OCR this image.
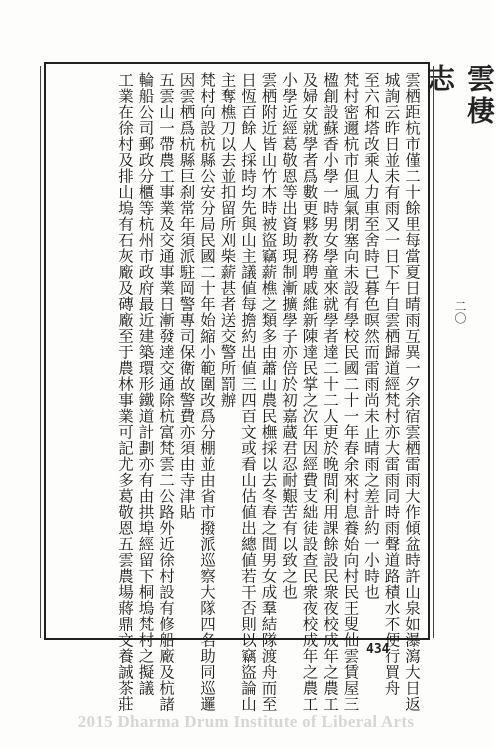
雲棲志
二〇
雲栖距杭市僅二十餘里每當夏日晴雨互異一夕余宿雲栖雷雨大作傾盆時許山泉如瀑瀉大日返
城詢云昨日並未有雨又一日下午自雲栖歸道經梵村亦大雷雨同時雨聲道路積水不便行買舟
至六和塔改乘人力車至舍時已暮色暝然而雷雨尚未止晴雨之差計約一小時也
梵村密邇杭市但風氣閉塞向未設有學校民國二十一年春余來村息養始向村民王叟仙雲賃屋三
楹創設蘇香小學一時男女學童來就學者達二十二人更於晚間利用課餘設民衆夜校成年之農工
及婦女就學者爲數更夥教務聘戚維新陳達民掌之次年因經費支絀徒設查民衆夜校成年之農工
小學近經葛敬恩等出資助現制漸擴學子亦倍於初嘉蔵君忍耐艱苦有以致之也
雲栖附近皆山竹木時被盜竊薪樵之類多由蕭山農民橅採以去冬春之間男女成羣結隊渡舟而至
日恆百餘人採時均先與山主議値每擔約出値三四百文或看山估値出總値若干否則以竊盜論山
主奪樵刀以去並扣留所刈柴薪甚者送交警所罰辦
梵村向設杭縣公安分局民國二十年始縮小範圍改爲分棚並由省市撥派巡察大隊四名助同巡邏
因雲栖爲杭縣巨刹常年須派駐岡警專司保衛故警費亦須由寺津貼
五雲山一帶農工事業及交通事業日漸發達交通除杭富梵雲二公路外近徐村設有修船廠及杭諸
輪船公司郵政分櫃等杭州市政府最近建築環形鐵道計劃亦有由拱埠經留下桐塢梵村之擬議
工業在徐村及排山塢有石灰廠及磚廠至于農林事業可記尤多葛敬恩五雲農場蔣鼎文養誠茶莊	434
2015 Dharma Drum Institute of Liberal Arts
